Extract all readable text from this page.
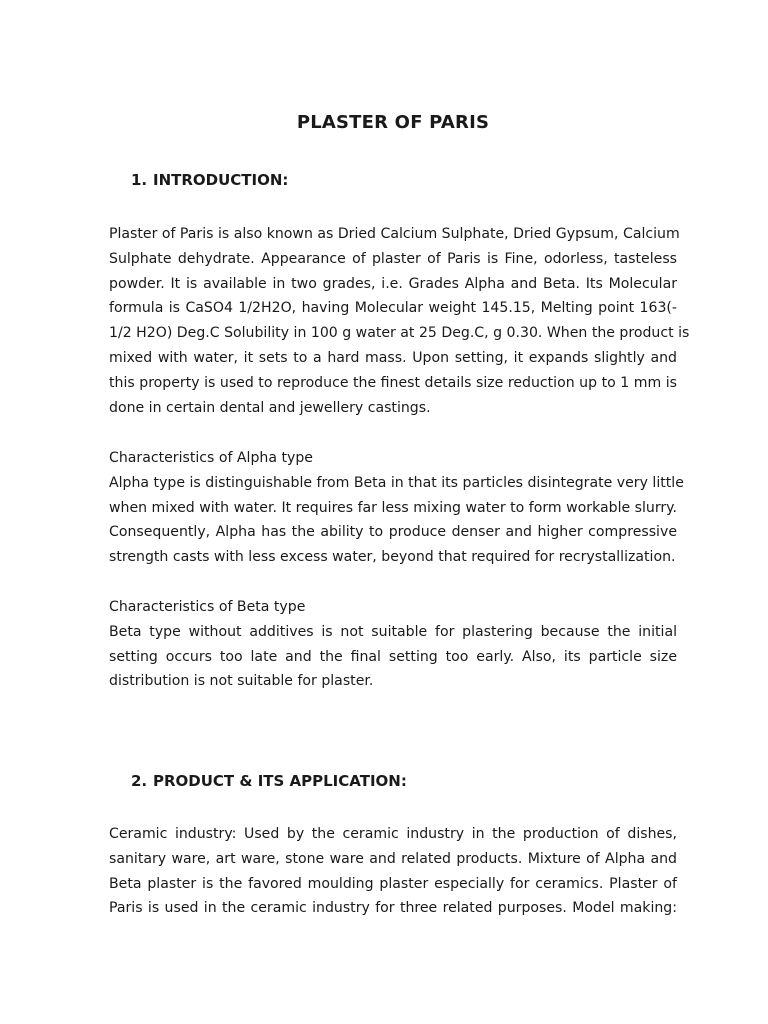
PLASTER OF PARIS
1. INTRODUCTION:

Plaster of Paris is also known as Dried Calcium Sulphate, Dried Gypsum, Calcium
Sulphate dehydrate. Appearance of plaster of Paris is Fine, odorless, tasteless
powder. It is available in two grades, i.e. Grades Alpha and Beta. Its Molecular
formula is CaSO4 1/2H2O, having Molecular weight 145.15, Melting point 163(-
1/2 H2O) Deg.C Solubility in 100 g water at 25 Deg.C, g 0.30. When the product is
mixed with water, it sets to a hard mass. Upon setting, it expands slightly and
this property is used to reproduce the finest details size reduction up to 1 mm is
done in certain dental and jewellery castings.

Characteristics of Alpha type
Alpha type is distinguishable from Beta in that its particles disintegrate very little
when mixed with water. It requires far less mixing water to form workable slurry.
Consequently, Alpha has the ability to produce denser and higher compressive
strength casts with less excess water, beyond that required for recrystallization.

Characteristics of Beta type
Beta type without additives is not suitable for plastering because the initial
setting occurs too late and the final setting too early. Also, its particle size
distribution is not suitable for plaster.

2. PRODUCT & ITS APPLICATION:

Ceramic industry: Used by the ceramic industry in the production of dishes,
sanitary ware, art ware, stone ware and related products. Mixture of Alpha and
Beta plaster is the favored moulding plaster especially for ceramics. Plaster of
Paris is used in the ceramic industry for three related purposes. Model making:
